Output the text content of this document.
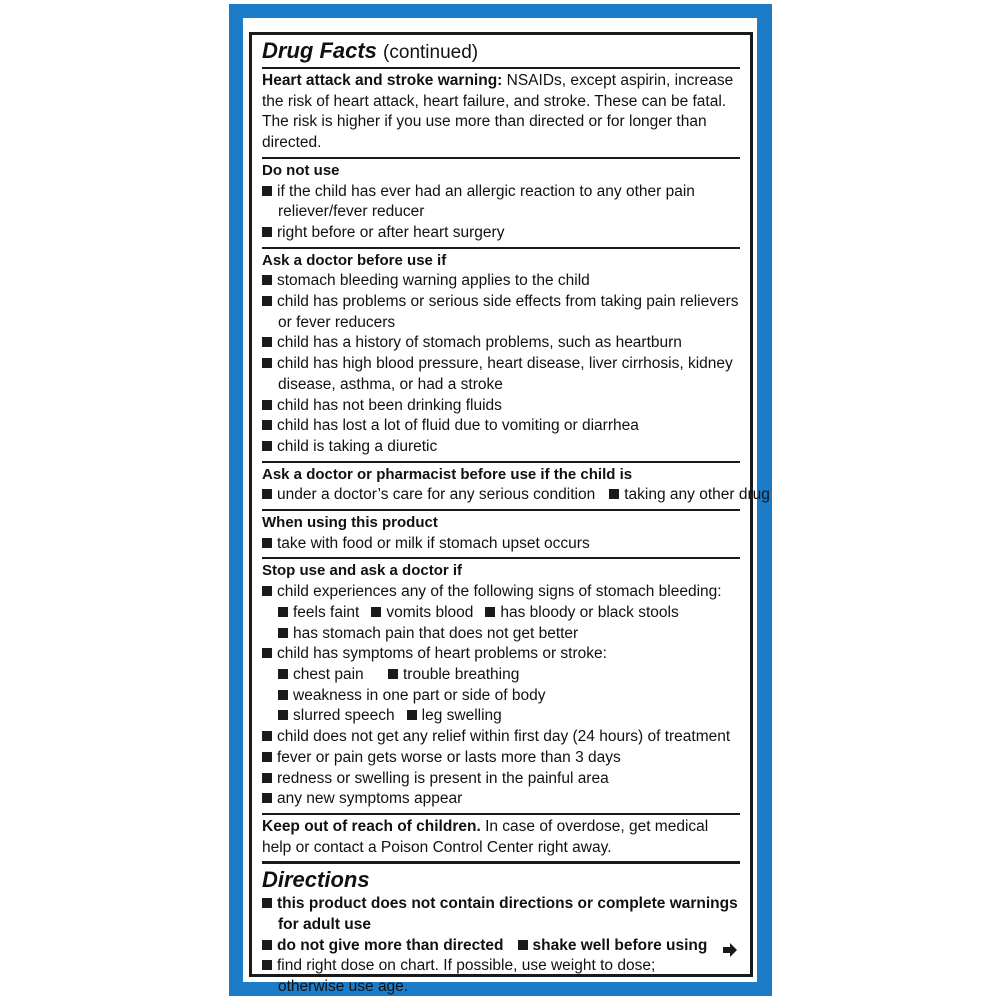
Drug Facts (continued)
Heart attack and stroke warning: NSAIDs, except aspirin, increase the risk of heart attack, heart failure, and stroke. These can be fatal. The risk is higher if you use more than directed or for longer than directed.
Do not use
if the child has ever had an allergic reaction to any other pain reliever/fever reducer
right before or after heart surgery
Ask a doctor before use if
stomach bleeding warning applies to the child
child has problems or serious side effects from taking pain relievers or fever reducers
child has a history of stomach problems, such as heartburn
child has high blood pressure, heart disease, liver cirrhosis, kidney disease, asthma, or had a stroke
child has not been drinking fluids
child has lost a lot of fluid due to vomiting or diarrhea
child is taking a diuretic
Ask a doctor or pharmacist before use if the child is
under a doctor’s care for any serious condition	taking any other drug
When using this product
take with food or milk if stomach upset occurs
Stop use and ask a doctor if
child experiences any of the following signs of stomach bleeding:
feels faint	vomits blood	has bloody or black stools
has stomach pain that does not get better
child has symptoms of heart problems or stroke:
chest pain	trouble breathing
weakness in one part or side of body
slurred speech	leg swelling
child does not get any relief within first day (24 hours) of treatment
fever or pain gets worse or lasts more than 3 days
redness or swelling is present in the painful area
any new symptoms appear
Keep out of reach of children. In case of overdose, get medical help or contact a Poison Control Center right away.
Directions
this product does not contain directions or complete warnings for adult use
do not give more than directed	shake well before using
find right dose on chart. If possible, use weight to dose; otherwise use age.
